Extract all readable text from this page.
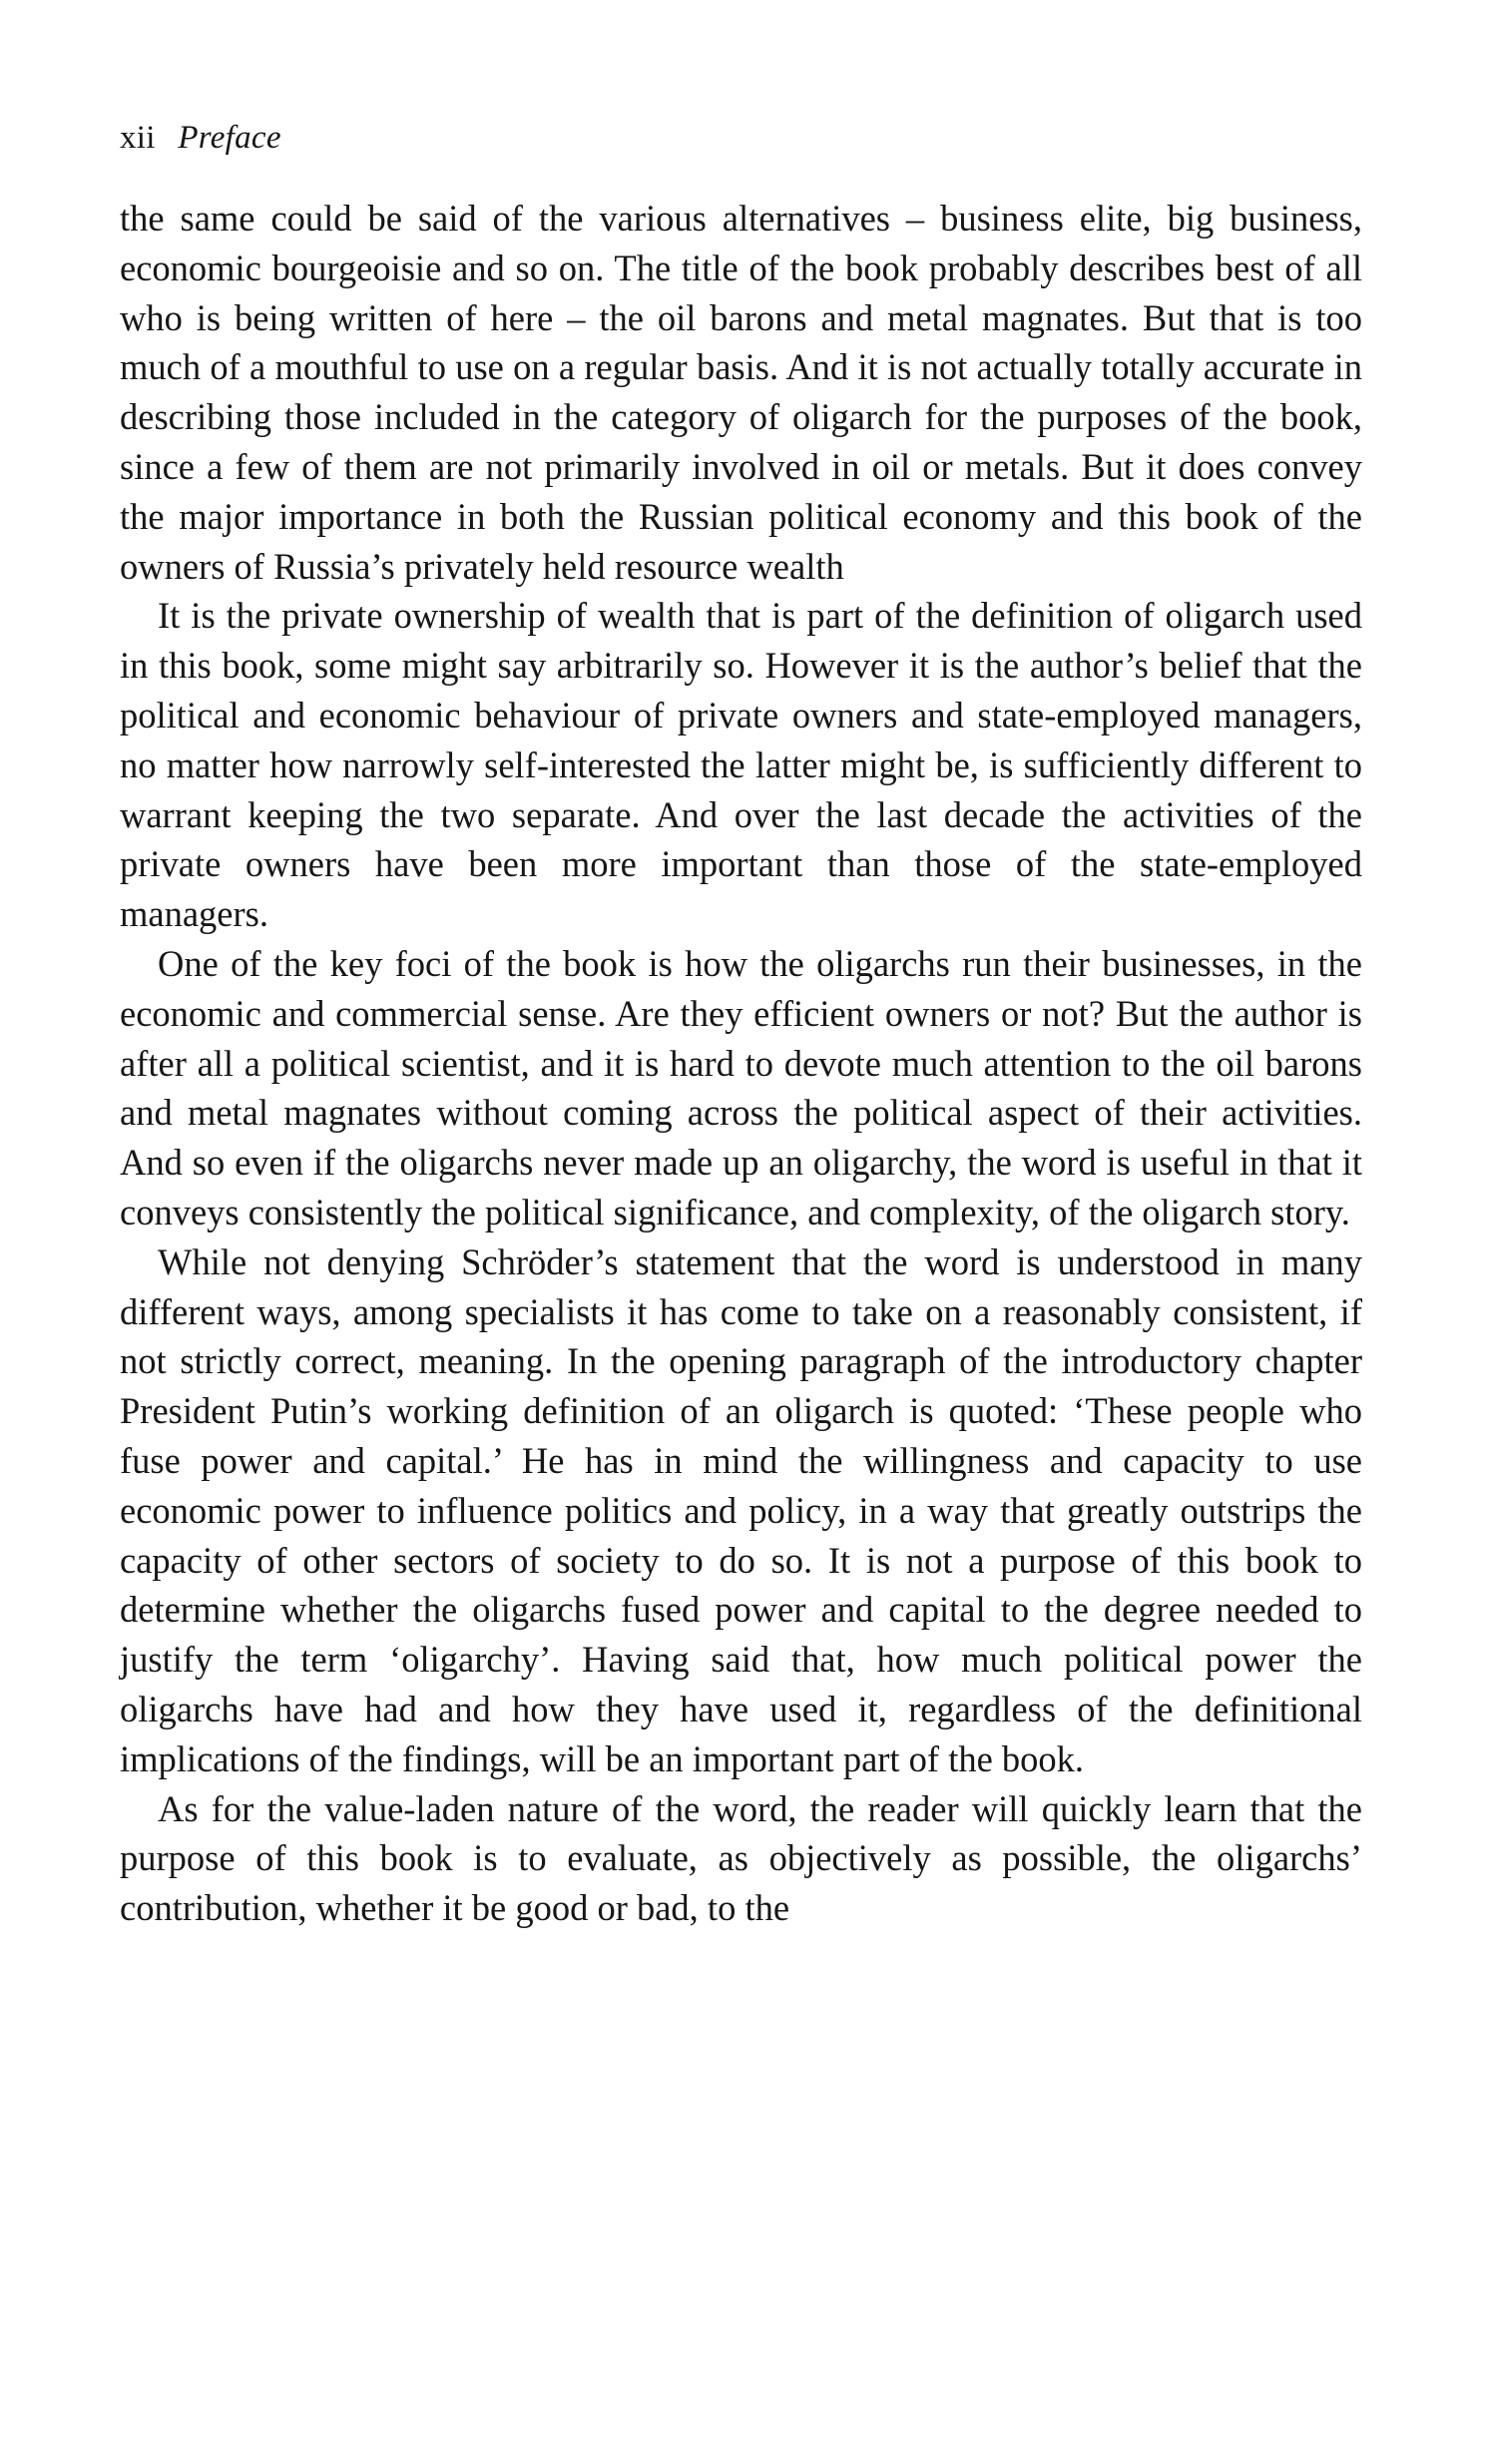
xii Preface

the same could be said of the various alternatives – business elite, big business, economic bourgeoisie and so on. The title of the book probably describes best of all who is being written of here – the oil barons and metal magnates. But that is too much of a mouthful to use on a regular basis. And it is not actually totally accurate in describing those included in the category of oligarch for the purposes of the book, since a few of them are not primarily involved in oil or metals. But it does convey the major importance in both the Russian political economy and this book of the owners of Russia’s privately held resource wealth

It is the private ownership of wealth that is part of the definition of oligarch used in this book, some might say arbitrarily so. However it is the author’s belief that the political and economic behaviour of private owners and state-employed managers, no matter how narrowly self-interested the latter might be, is sufficiently different to warrant keeping the two separate. And over the last decade the activities of the private owners have been more important than those of the state-employed managers.

One of the key foci of the book is how the oligarchs run their businesses, in the economic and commercial sense. Are they efficient owners or not? But the author is after all a political scientist, and it is hard to devote much attention to the oil barons and metal magnates without coming across the political aspect of their activities. And so even if the oligarchs never made up an oligarchy, the word is useful in that it conveys consistently the political significance, and complexity, of the oligarch story.

While not denying Schröder’s statement that the word is understood in many different ways, among specialists it has come to take on a reasonably consistent, if not strictly correct, meaning. In the opening paragraph of the introductory chapter President Putin’s working definition of an oligarch is quoted: ‘These people who fuse power and capital.’ He has in mind the willingness and capacity to use economic power to influence politics and policy, in a way that greatly outstrips the capacity of other sectors of society to do so. It is not a purpose of this book to determine whether the oligarchs fused power and capital to the degree needed to justify the term ‘oligarchy’. Having said that, how much political power the oligarchs have had and how they have used it, regardless of the definitional implications of the findings, will be an important part of the book.

As for the value-laden nature of the word, the reader will quickly learn that the purpose of this book is to evaluate, as objectively as possible, the oligarchs’ contribution, whether it be good or bad, to the
